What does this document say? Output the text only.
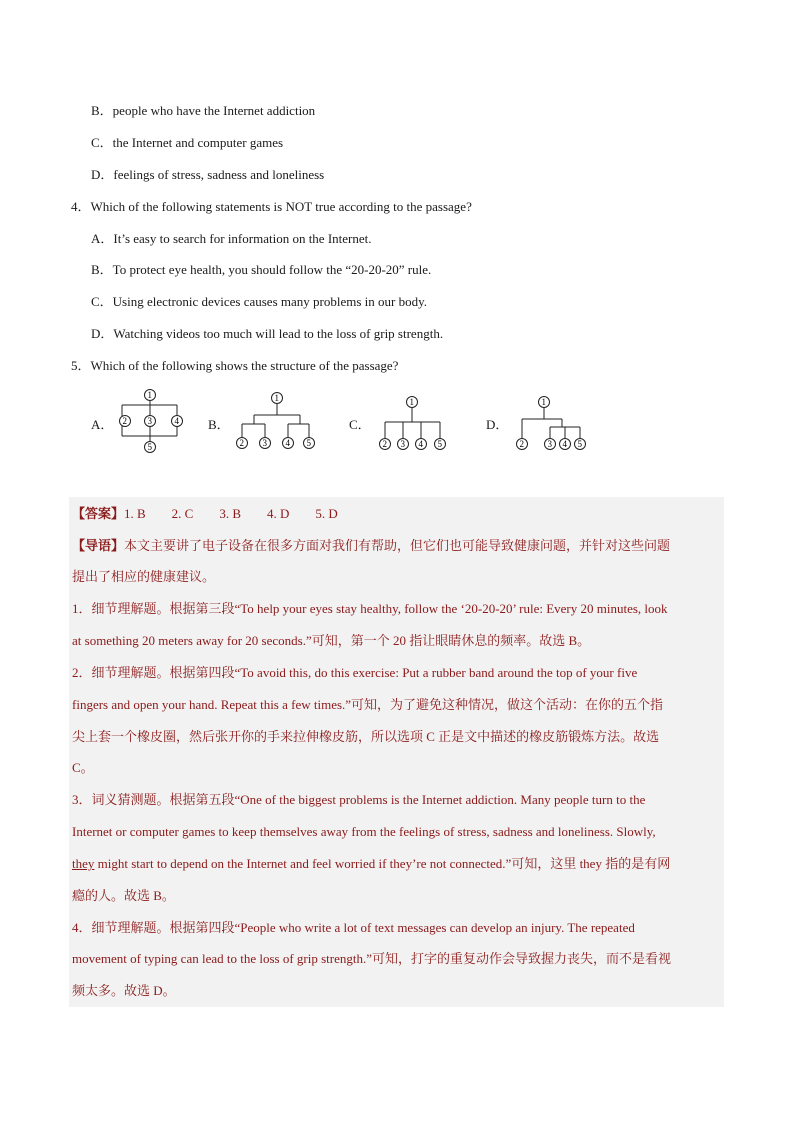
B．people who have the Internet addiction
C．the Internet and computer games
D．feelings of stress, sadness and loneliness
4．Which of the following statements is NOT true according to the passage?
A．It’s easy to search for information on the Internet.
B．To protect eye health, you should follow the “20-20-20” rule.
C．Using electronic devices causes many problems in our body.
D．Watching videos too much will lead to the loss of grip strength.
5．Which of the following shows the structure of the passage?
A．
1
2 3	4
5
B．
1
2 3 4 5
C．
1
2 3 4 5
D．
1
2	3 4 5
【答案】1. B　　2. C　　3. B　　4. D　　5. D
【导语】本文主要讲了电子设备在很多方面对我们有帮助，但它们也可能导致健康问题，并针对这些问题
提出了相应的健康建议。
1．细节理解题。根据第三段“To help your eyes stay healthy, follow the ‘20-20-20’ rule: Every 20 minutes, look
at something 20 meters away for 20 seconds.”可知，第一个 20 指让眼睛休息的频率。故选 B。
2．细节理解题。根据第四段“To avoid this, do this exercise: Put a rubber band around the top of your five
fingers and open your hand. Repeat this a few times.”可知，为了避免这种情况，做这个活动：在你的五个指
尖上套一个橡皮圈，然后张开你的手来拉伸橡皮筋，所以选项 C 正是文中描述的橡皮筋锻炼方法。故选
C。
3．词义猜测题。根据第五段“One of the biggest problems is the Internet addiction. Many people turn to the
Internet or computer games to keep themselves away from the feelings of stress, sadness and loneliness. Slowly,
they might start to depend on the Internet and feel worried if they’re not connected.”可知，这里 they 指的是有网
瘾的人。故选 B。
4．细节理解题。根据第四段“People who write a lot of text messages can develop an injury. The repeated
movement of typing can lead to the loss of grip strength.”可知，打字的重复动作会导致握力丧失，而不是看视
频太多。故选 D。
